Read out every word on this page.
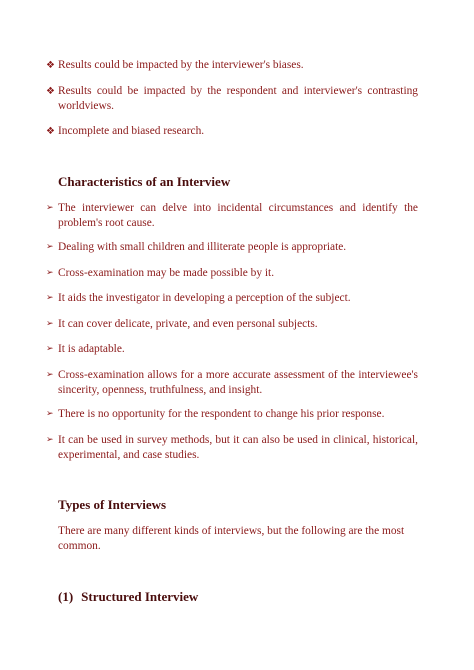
❖ Results could be impacted by the interviewer's biases.
❖ Results could be impacted by the respondent and interviewer's contrasting worldviews.
❖ Incomplete and biased research.
Characteristics of an Interview
➢ The interviewer can delve into incidental circumstances and identify the problem's root cause.
➢ Dealing with small children and illiterate people is appropriate.
➢ Cross-examination may be made possible by it.
➢ It aids the investigator in developing a perception of the subject.
➢ It can cover delicate, private, and even personal subjects.
➢ It is adaptable.
➢ Cross-examination allows for a more accurate assessment of the interviewee's sincerity, openness, truthfulness, and insight.
➢ There is no opportunity for the respondent to change his prior response.
➢ It can be used in survey methods, but it can also be used in clinical, historical, experimental, and case studies.
Types of Interviews
There are many different kinds of interviews, but the following are the most common.
(1) Structured Interview
